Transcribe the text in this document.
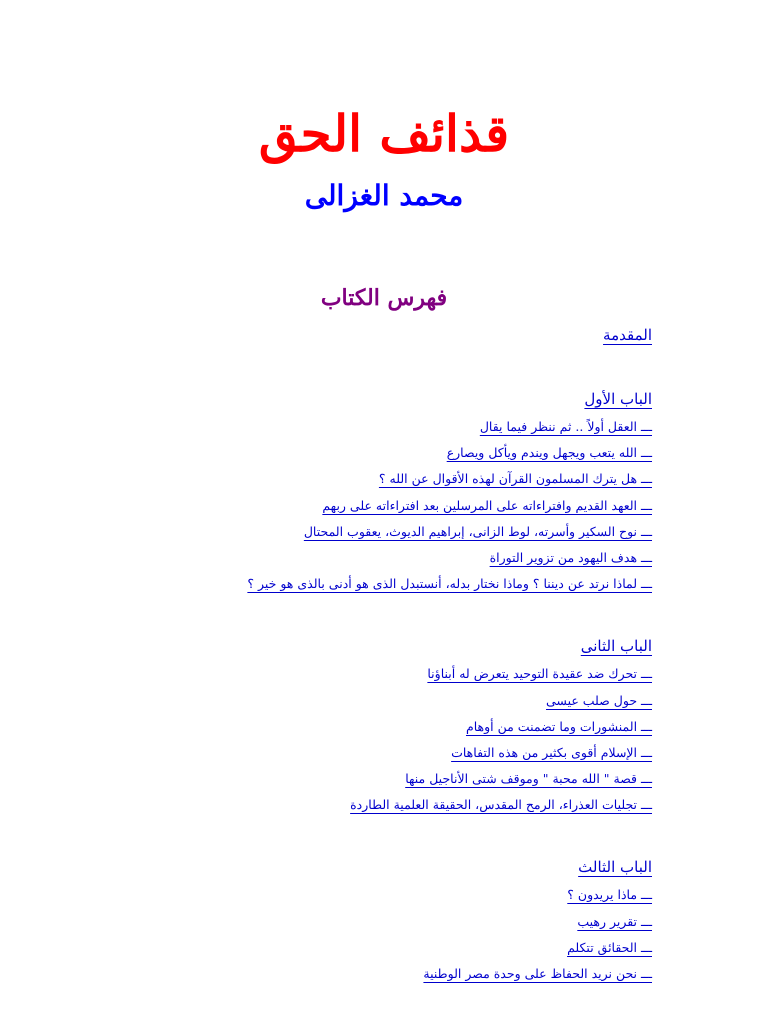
قذائف الحق
محمد الغزالى
فهرس الكتاب
المقدمة
الباب الأول
ـــ العقل أولاً .. ثم ننظر فيما يقال
ـــ الله يتعب ويجهل ويندم ويأكل ويصارع
ـــ هل يترك المسلمون القرآن لهذه الأقوال عن الله ؟
ـــ العهد القديم وافتراءاته على المرسلين بعد افتراءاته على ربهم
ـــ نوح السكير وأسرته، لوط الزانى، إبراهيم الديوث، يعقوب المحتال
ـــ هدف اليهود من تزوير التوراة
ـــ لماذا نرتد عن ديننا ؟ وماذا نختار بدله، أنستبدل الذى هو أدنى بالذى هو خير ؟
الباب الثانى
ـــ تحرك ضد عقيدة التوحيد يتعرض له أبناؤنا
ـــ حول صلب عيسى
ـــ المنشورات وما تضمنت من أوهام
ـــ الإسلام أقوى بكثير من هذه التفاهات
ـــ قصة " الله محبة " وموقف شتى الأناجيل منها
ـــ تجليات العذراء، الرمح المقدس، الحقيقة العلمية الطاردة
الباب الثالث
ـــ ماذا يريدون ؟
ـــ تقرير رهيب
ـــ الحقائق تتكلم
ـــ نحن نريد الحفاظ على وحدة مصر الوطنية
